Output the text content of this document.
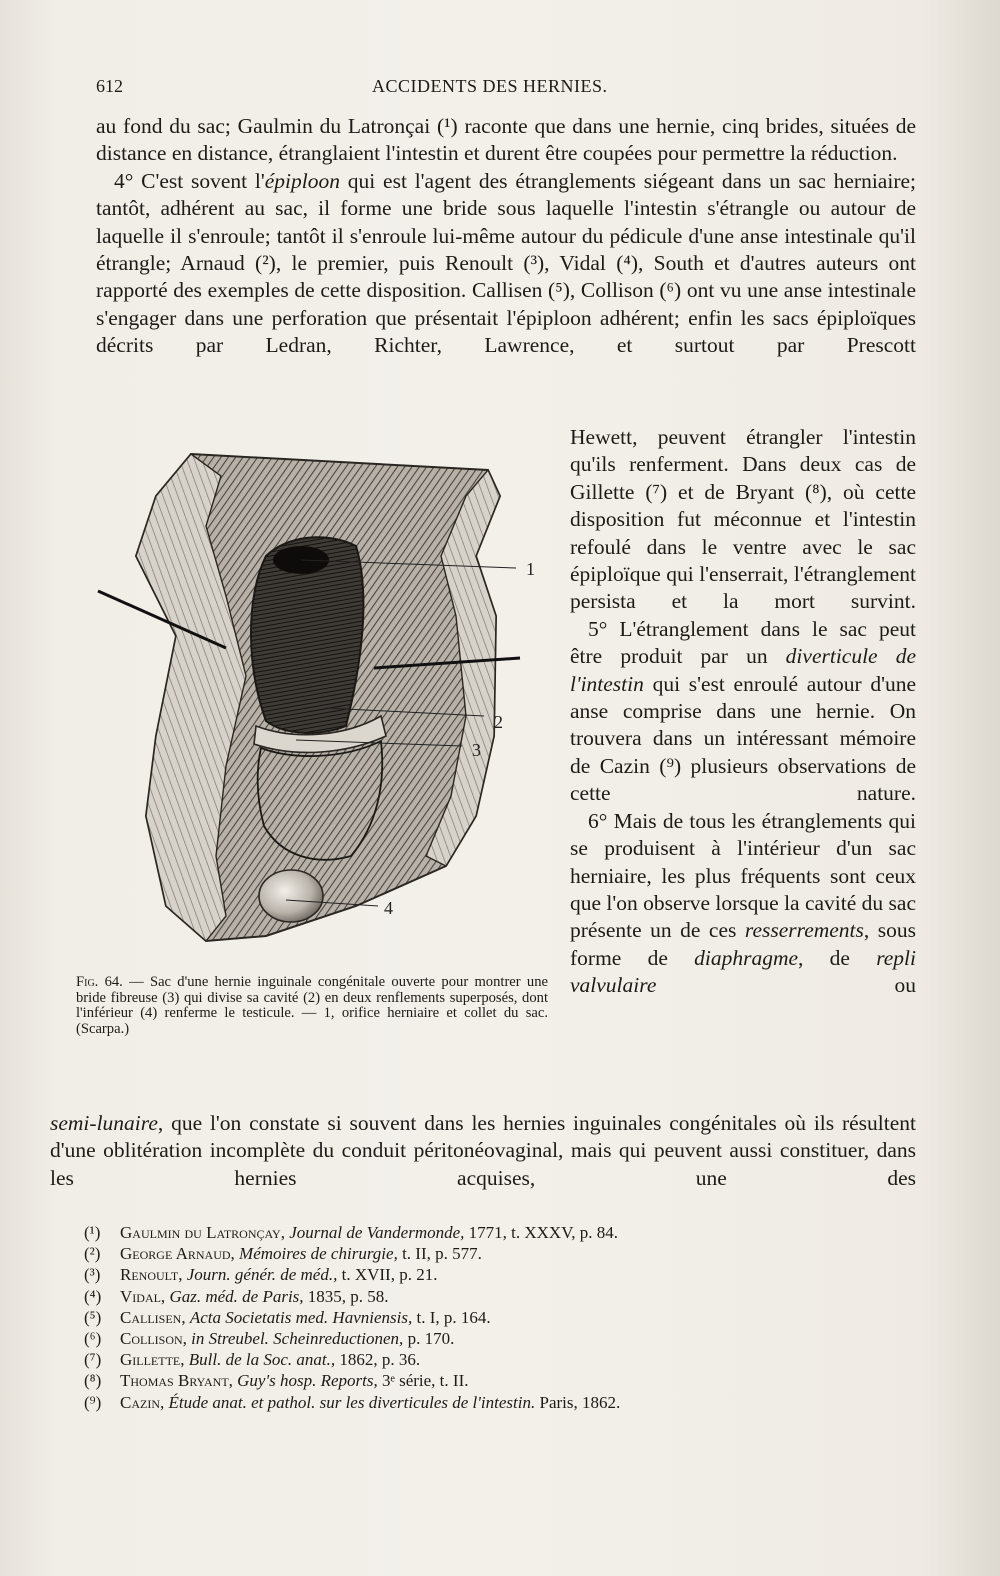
612	ACCIDENTS DES HERNIES.

au fond du sac; Gaulmin du Latronçai (¹) raconte que dans une hernie, cinq brides, situées de distance en distance, étranglaient l'intestin et durent être coupées pour permettre la réduction.

4° C'est sovent l'épiploon qui est l'agent des étranglements siégeant dans un sac herniaire; tantôt, adhérent au sac, il forme une bride sous laquelle l'intestin s'étrangle ou autour de laquelle il s'enroule; tantôt il s'enroule lui-même autour du pédicule d'une anse intestinale qu'il étrangle; Arnaud (²), le premier, puis Renoult (³), Vidal (⁴), South et d'autres auteurs ont rapporté des exemples de cette disposition. Callisen (⁵), Collison (⁶) ont vu une anse intestinale s'engager dans une perforation que présentait l'épiploon adhérent; enfin les sacs épiploïques décrits par Ledran, Richter, Lawrence, et surtout par Prescott

1
2
3
4
Fig. 64. — Sac d'une hernie inguinale congénitale ouverte pour montrer une bride fibreuse (3) qui divise sa cavité (2) en deux renflements superposés, dont l'inférieur (4) renferme le testicule. — 1, orifice herniaire et collet du sac. (Scarpa.)

Hewett, peuvent étrangler l'intestin qu'ils renferment. Dans deux cas de Gillette (⁷) et de Bryant (⁸), où cette disposition fut méconnue et l'intestin refoulé dans le ventre avec le sac épiploïque qui l'enserrait, l'étranglement persista et la mort survint.

5° L'étranglement dans le sac peut être produit par un diverticule de l'intestin qui s'est enroulé autour d'une anse comprise dans une hernie. On trouvera dans un intéressant mémoire de Cazin (⁹) plusieurs observations de cette nature.

6° Mais de tous les étranglements qui se produisent à l'intérieur d'un sac herniaire, les plus fréquents sont ceux que l'on observe lorsque la cavité du sac présente un de ces resserrements, sous forme de diaphragme, de repli valvulaire ou

semi-lunaire, que l'on constate si souvent dans les hernies inguinales congénitales où ils résultent d'une oblitération incomplète du conduit péritonéovaginal, mais qui peuvent aussi constituer, dans les hernies acquises, une des

(¹) Gaulmin du Latronçay, Journal de Vandermonde, 1771, t. XXXV, p. 84.
(²) George Arnaud, Mémoires de chirurgie, t. II, p. 577.
(³) Renoult, Journ. génér. de méd., t. XVII, p. 21.
(⁴) Vidal, Gaz. méd. de Paris, 1835, p. 58.
(⁵) Callisen, Acta Societatis med. Havniensis, t. I, p. 164.
(⁶) Collison, in Streubel. Scheinreductionen, p. 170.
(⁷) Gillette, Bull. de la Soc. anat., 1862, p. 36.
(⁸) Thomas Bryant, Guy's hosp. Reports, 3ᵉ série, t. II.
(⁹) Cazin, Étude anat. et pathol. sur les diverticules de l'intestin. Paris, 1862.
